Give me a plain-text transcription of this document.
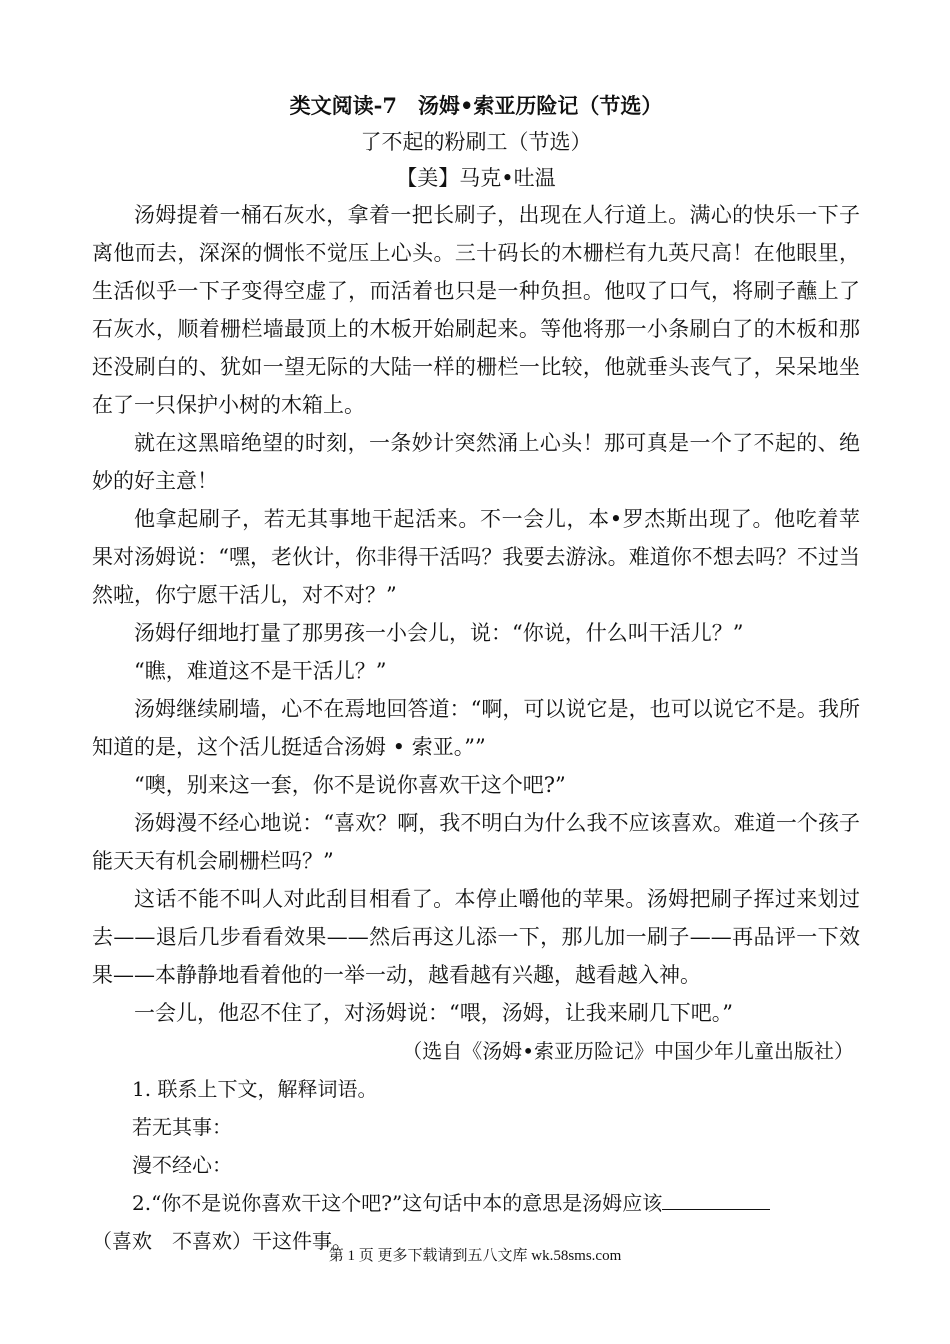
类文阅读-7　汤姆•索亚历险记（节选）

了不起的粉刷工（节选）

【美】马克•吐温

汤姆提着一桶石灰水，拿着一把长刷子，出现在人行道上。满心的快乐一下子离他而去，深深的惆怅不觉压上心头。三十码长的木栅栏有九英尺高！在他眼里，生活似乎一下子变得空虚了，而活着也只是一种负担。他叹了口气，将刷子蘸上了石灰水，顺着栅栏墙最顶上的木板开始刷起来。等他将那一小条刷白了的木板和那还没刷白的、犹如一望无际的大陆一样的栅栏一比较，他就垂头丧气了，呆呆地坐在了一只保护小树的木箱上。

就在这黑暗绝望的时刻，一条妙计突然涌上心头！那可真是一个了不起的、绝妙的好主意！

他拿起刷子，若无其事地干起活来。不一会儿，本•罗杰斯出现了。他吃着苹果对汤姆说：“嘿，老伙计，你非得干活吗？我要去游泳。难道你不想去吗？不过当然啦，你宁愿干活儿，对不对？”

汤姆仔细地打量了那男孩一小会儿，说：“你说，什么叫干活儿？”

“瞧，难道这不是干活儿？”

汤姆继续刷墙，心不在焉地回答道：“啊，可以说它是，也可以说它不是。我所知道的是，这个活儿挺适合汤姆 • 索亚。””

“噢，别来这一套，你不是说你喜欢干这个吧?”

汤姆漫不经心地说：“喜欢？啊，我不明白为什么我不应该喜欢。难道一个孩子能天天有机会刷栅栏吗？”

这话不能不叫人对此刮目相看了。本停止嚼他的苹果。汤姆把刷子挥过来划过去——退后几步看看效果——然后再这儿添一下，那儿加一刷子——再品评一下效果——本静静地看着他的一举一动，越看越有兴趣，越看越入神。

一会儿，他忍不住了，对汤姆说：“喂，汤姆，让我来刷几下吧。”

（选自《汤姆•索亚历险记》中国少年儿童出版社）

1. 联系上下文，解释词语。

若无其事：

漫不经心：

2.“你不是说你喜欢干这个吧?”这句话中本的意思是汤姆应该

（喜欢　不喜欢）干这件事。

第 1 页 更多下载请到五八文库 wk.58sms.com
